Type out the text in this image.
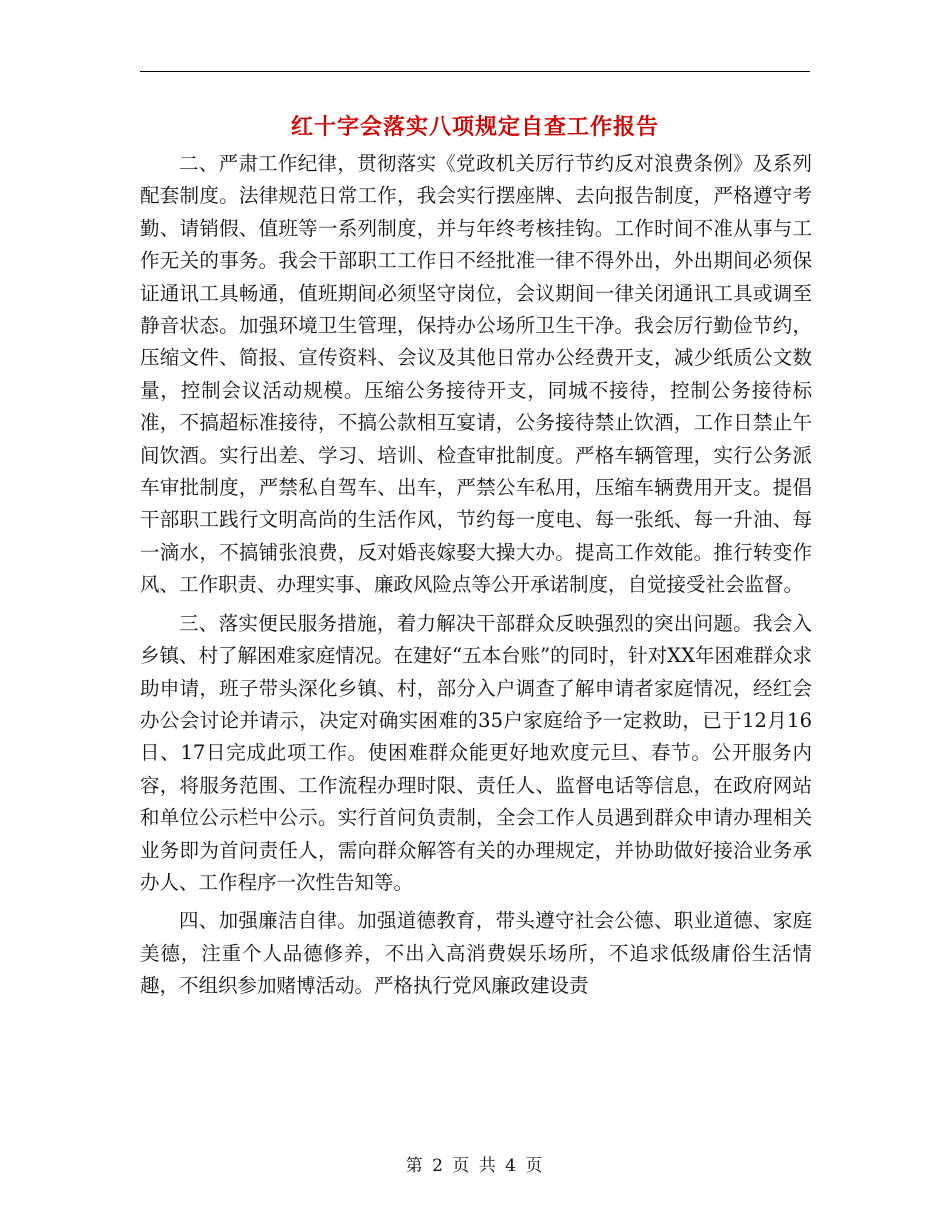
红十字会落实八项规定自查工作报告

二、严肃工作纪律，贯彻落实《党政机关厉行节约反对浪费条例》及系列配套制度。法律规范日常工作，我会实行摆座牌、去向报告制度，严格遵守考勤、请销假、值班等一系列制度，并与年终考核挂钩。工作时间不准从事与工作无关的事务。我会干部职工工作日不经批准一律不得外出，外出期间必须保证通讯工具畅通，值班期间必须坚守岗位，会议期间一律关闭通讯工具或调至静音状态。加强环境卫生管理，保持办公场所卫生干净。我会厉行勤俭节约，压缩文件、简报、宣传资料、会议及其他日常办公经费开支，减少纸质公文数量，控制会议活动规模。压缩公务接待开支，同城不接待，控制公务接待标准，不搞超标准接待，不搞公款相互宴请，公务接待禁止饮酒，工作日禁止午间饮酒。实行出差、学习、培训、检查审批制度。严格车辆管理，实行公务派车审批制度，严禁私自驾车、出车，严禁公车私用，压缩车辆费用开支。提倡干部职工践行文明高尚的生活作风，节约每一度电、每一张纸、每一升油、每一滴水，不搞铺张浪费，反对婚丧嫁娶大操大办。提高工作效能。推行转变作风、工作职责、办理实事、廉政风险点等公开承诺制度，自觉接受社会监督。

三、落实便民服务措施，着力解决干部群众反映强烈的突出问题。我会入乡镇、村了解困难家庭情况。在建好“五本台账”的同时，针对XX年困难群众求助申请，班子带头深化乡镇、村，部分入户调查了解申请者家庭情况，经红会办公会讨论并请示，决定对确实困难的35户家庭给予一定救助，已于12月16日、17日完成此项工作。使困难群众能更好地欢度元旦、春节。公开服务内容，将服务范围、工作流程办理时限、责任人、监督电话等信息，在政府网站和单位公示栏中公示。实行首问负责制，全会工作人员遇到群众申请办理相关业务即为首问责任人，需向群众解答有关的办理规定，并协助做好接洽业务承办人、工作程序一次性告知等。

四、加强廉洁自律。加强道德教育，带头遵守社会公德、职业道德、家庭美德，注重个人品德修养，不出入高消费娱乐场所，不追求低级庸俗生活情趣，不组织参加赌博活动。严格执行党风廉政建设责

第 2 页 共 4 页
